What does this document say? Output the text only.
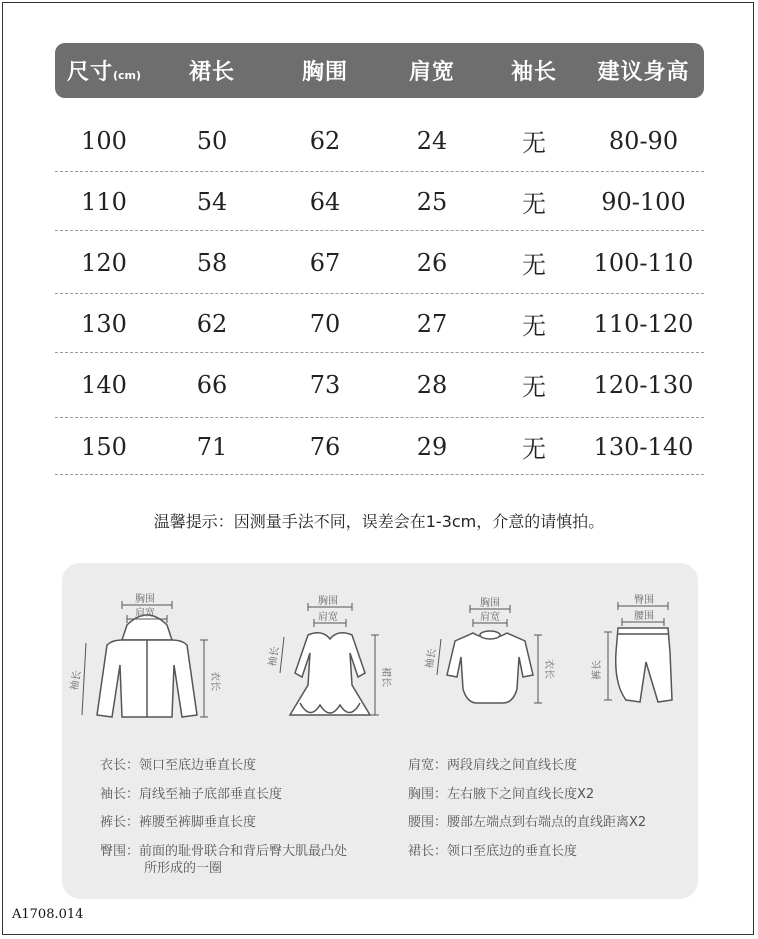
尺寸(cm)	裙长	胸围	肩宽	袖长	建议身高
100	50	62	24	无	80-90
110	54	64	25	无	90-100
120	58	67	26	无	100-110
130	62	70	27	无	110-120
140	66	73	28	无	120-130
150	71	76	29	无	130-140
温馨提示：因测量手法不同，误差会在1-3cm，介意的请慎拍。
胸围
肩宽
袖长	衣长
胸围
肩宽
袖长
裙长
胸围
肩宽
袖长	衣长
臀围
腰围
裤长
衣长：领口至底边垂直长度
袖长：肩线至袖子底部垂直长度
裤长：裤腰至裤脚垂直长度
臀围：前面的耻骨联合和背后臀大肌最凸处
所形成的一圈
肩宽：两段肩线之间直线长度
胸围：左右腋下之间直线长度X2
腰围：腰部左端点到右端点的直线距离X2
裙长：领口至底边的垂直长度
A1708.014
